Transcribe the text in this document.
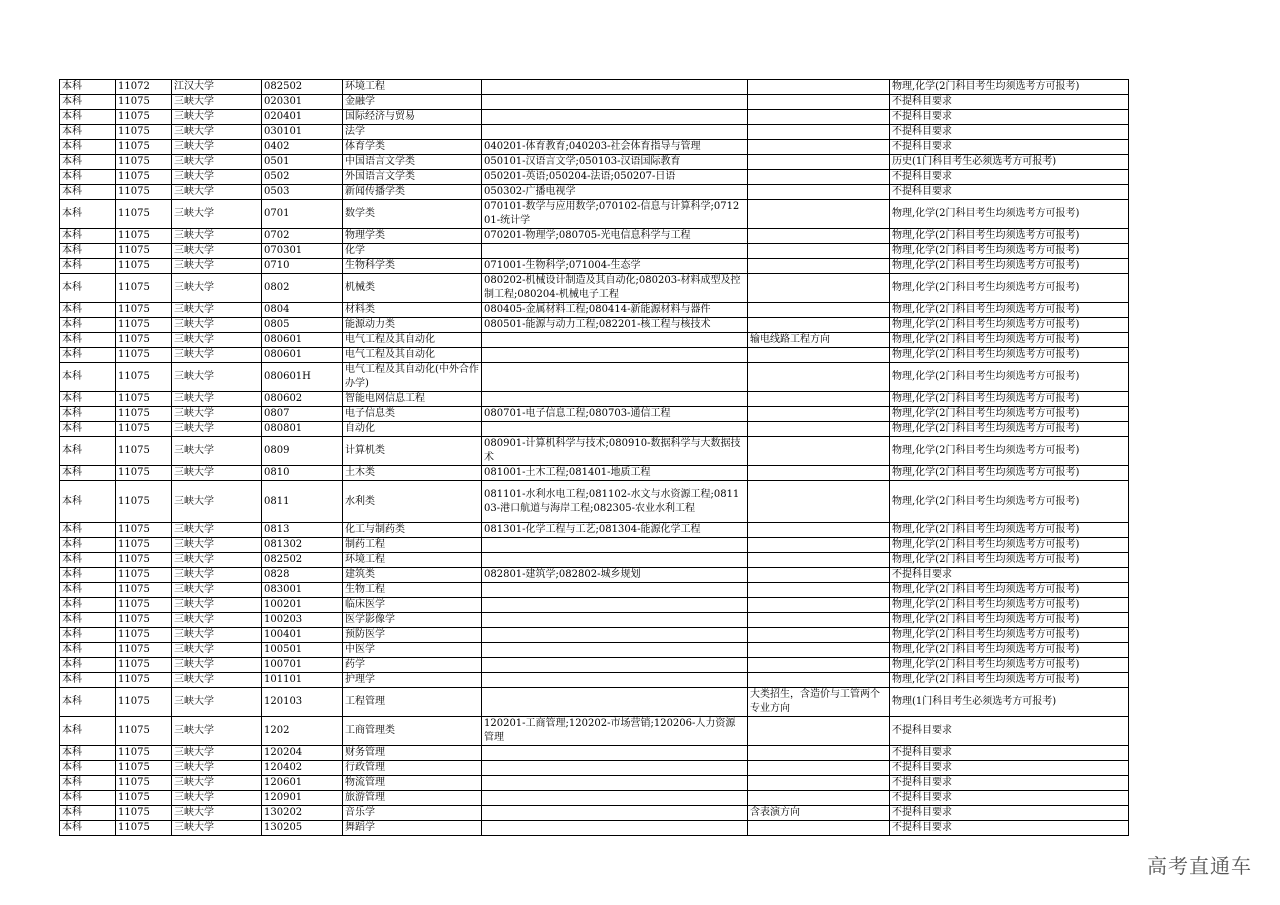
本科	11072	江汉大学	082502	环境工程			物理,化学(2门科目考生均须选考方可报考)
本科	11075	三峡大学	020301	金融学			不提科目要求
本科	11075	三峡大学	020401	国际经济与贸易			不提科目要求
本科	11075	三峡大学	030101	法学			不提科目要求
本科	11075	三峡大学	0402	体育学类	040201-体育教育;040203-社会体育指导与管理		不提科目要求
本科	11075	三峡大学	0501	中国语言文学类	050101-汉语言文学;050103-汉语国际教育		历史(1门科目考生必须选考方可报考)
本科	11075	三峡大学	0502	外国语言文学类	050201-英语;050204-法语;050207-日语		不提科目要求
本科	11075	三峡大学	0503	新闻传播学类	050302-广播电视学		不提科目要求
本科	11075	三峡大学	0701	数学类	070101-数学与应用数学;070102-信息与计算科学;071201-统计学		物理,化学(2门科目考生均须选考方可报考)
本科	11075	三峡大学	0702	物理学类	070201-物理学;080705-光电信息科学与工程		物理,化学(2门科目考生均须选考方可报考)
本科	11075	三峡大学	070301	化学			物理,化学(2门科目考生均须选考方可报考)
本科	11075	三峡大学	0710	生物科学类	071001-生物科学;071004-生态学		物理,化学(2门科目考生均须选考方可报考)
本科	11075	三峡大学	0802	机械类	080202-机械设计制造及其自动化;080203-材料成型及控制工程;080204-机械电子工程		物理,化学(2门科目考生均须选考方可报考)
本科	11075	三峡大学	0804	材料类	080405-金属材料工程;080414-新能源材料与器件		物理,化学(2门科目考生均须选考方可报考)
本科	11075	三峡大学	0805	能源动力类	080501-能源与动力工程;082201-核工程与核技术		物理,化学(2门科目考生均须选考方可报考)
本科	11075	三峡大学	080601	电气工程及其自动化		输电线路工程方向	物理,化学(2门科目考生均须选考方可报考)
本科	11075	三峡大学	080601	电气工程及其自动化			物理,化学(2门科目考生均须选考方可报考)
本科	11075	三峡大学	080601H	电气工程及其自动化(中外合作办学)			物理,化学(2门科目考生均须选考方可报考)
本科	11075	三峡大学	080602	智能电网信息工程			物理,化学(2门科目考生均须选考方可报考)
本科	11075	三峡大学	0807	电子信息类	080701-电子信息工程;080703-通信工程		物理,化学(2门科目考生均须选考方可报考)
本科	11075	三峡大学	080801	自动化			物理,化学(2门科目考生均须选考方可报考)
本科	11075	三峡大学	0809	计算机类	080901-计算机科学与技术;080910-数据科学与大数据技术		物理,化学(2门科目考生均须选考方可报考)
本科	11075	三峡大学	0810	土木类	081001-土木工程;081401-地质工程		物理,化学(2门科目考生均须选考方可报考)
本科	11075	三峡大学	0811	水利类	081101-水利水电工程;081102-水文与水资源工程;081103-港口航道与海岸工程;082305-农业水利工程		物理,化学(2门科目考生均须选考方可报考)
本科	11075	三峡大学	0813	化工与制药类	081301-化学工程与工艺;081304-能源化学工程		物理,化学(2门科目考生均须选考方可报考)
本科	11075	三峡大学	081302	制药工程			物理,化学(2门科目考生均须选考方可报考)
本科	11075	三峡大学	082502	环境工程			物理,化学(2门科目考生均须选考方可报考)
本科	11075	三峡大学	0828	建筑类	082801-建筑学;082802-城乡规划		不提科目要求
本科	11075	三峡大学	083001	生物工程			物理,化学(2门科目考生均须选考方可报考)
本科	11075	三峡大学	100201	临床医学			物理,化学(2门科目考生均须选考方可报考)
本科	11075	三峡大学	100203	医学影像学			物理,化学(2门科目考生均须选考方可报考)
本科	11075	三峡大学	100401	预防医学			物理,化学(2门科目考生均须选考方可报考)
本科	11075	三峡大学	100501	中医学			物理,化学(2门科目考生均须选考方可报考)
本科	11075	三峡大学	100701	药学			物理,化学(2门科目考生均须选考方可报考)
本科	11075	三峡大学	101101	护理学			物理,化学(2门科目考生均须选考方可报考)
本科	11075	三峡大学	120103	工程管理		大类招生，含造价与工管两个专业方向	物理(1门科目考生必须选考方可报考)
本科	11075	三峡大学	1202	工商管理类	120201-工商管理;120202-市场营销;120206-人力资源管理		不提科目要求
本科	11075	三峡大学	120204	财务管理			不提科目要求
本科	11075	三峡大学	120402	行政管理			不提科目要求
本科	11075	三峡大学	120601	物流管理			不提科目要求
本科	11075	三峡大学	120901	旅游管理			不提科目要求
本科	11075	三峡大学	130202	音乐学		含表演方向	不提科目要求
本科	11075	三峡大学	130205	舞蹈学			不提科目要求
高考直通车
